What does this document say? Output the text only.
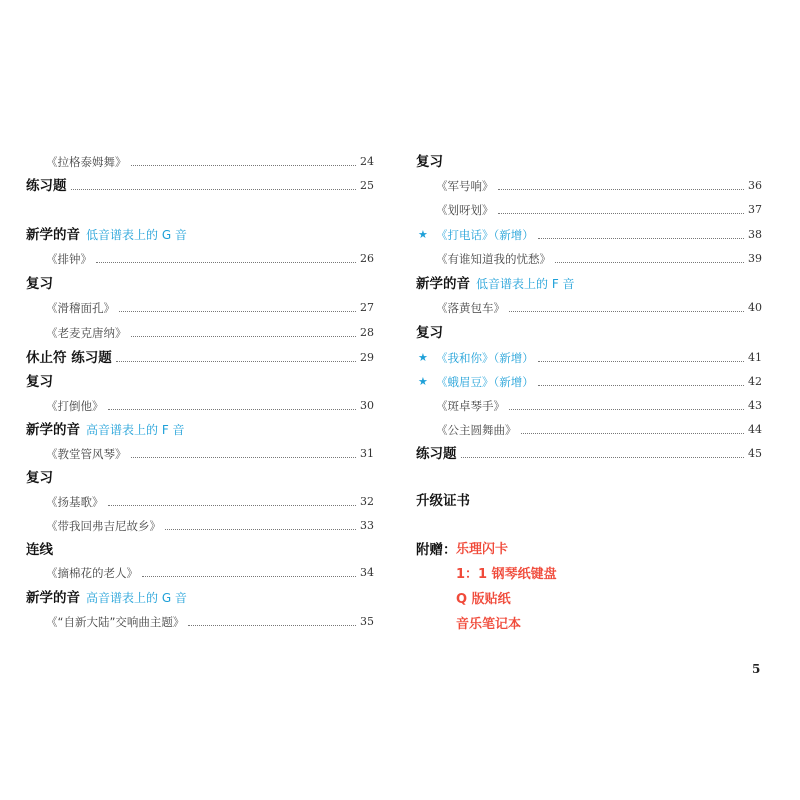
《拉格泰姆舞》	24
练习题	25
新学的音 低音谱表上的 G 音
《排钟》	26
复习
《滑稽面孔》	27
《老麦克唐纳》	28
休止符 练习题	29
复习
《打倒他》	30
新学的音 高音谱表上的 F 音
《教堂管风琴》	31
复习
《扬基歌》	32
《带我回弗吉尼故乡》	33
连线
《摘棉花的老人》	34
新学的音 高音谱表上的 G 音
《“自新大陆”交响曲主题》	35
复习
《军号响》	36
《划呀划》	37
★ 《打电话》（新增）	38
《有谁知道我的忧愁》	39
新学的音 低音谱表上的 F 音
《落黄包车》	40
复习
★ 《我和你》（新增）	41
★ 《蛾眉豆》（新增）	42
《斑卓琴手》	43
《公主圆舞曲》	44
练习题	45
升级证书
附赠： 乐理闪卡
1：1 钢琴纸键盘
Q 版贴纸
音乐笔记本
5
